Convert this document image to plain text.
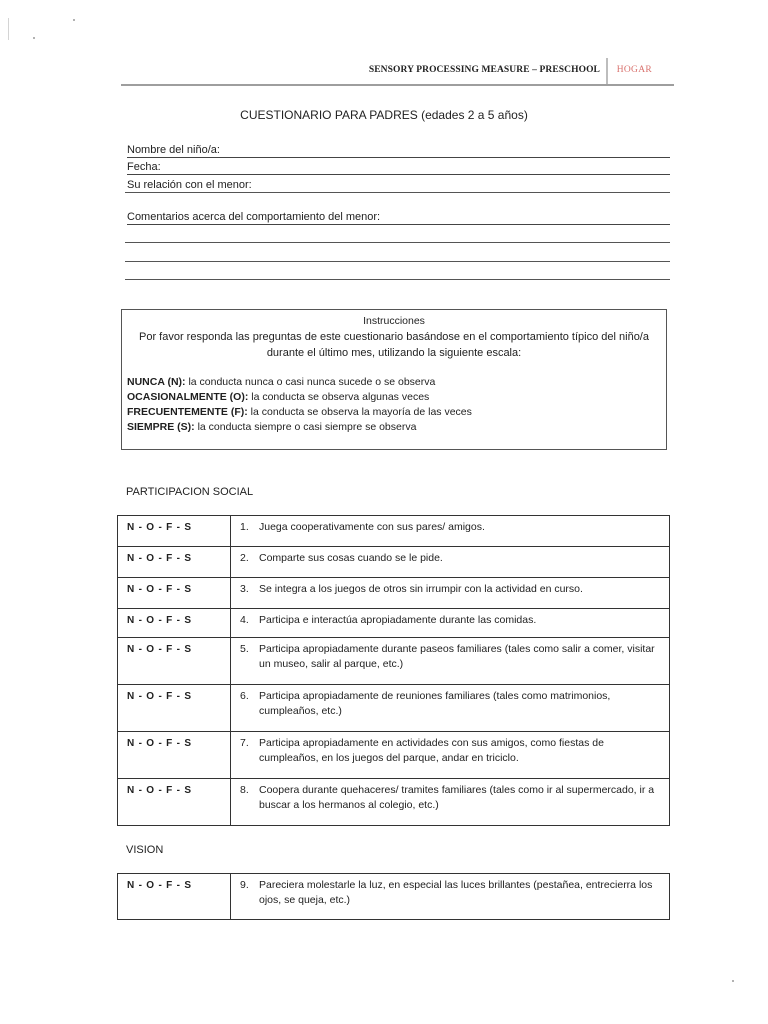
SENSORY PROCESSING MEASURE – PRESCHOOL HOGAR
CUESTIONARIO PARA PADRES (edades 2 a 5 años)
Nombre del niño/a:
Fecha:
Su relación con el menor:
Comentarios acerca del comportamiento del menor:
Instrucciones
Por favor responda las preguntas de este cuestionario basándose en el comportamiento típico del niño/a durante el último mes, utilizando la siguiente escala:
NUNCA (N): la conducta nunca o casi nunca sucede o se observa
OCASIONALMENTE (O): la conducta se observa algunas veces
FRECUENTEMENTE (F): la conducta se observa la mayoría de las veces
SIEMPRE (S): la conducta siempre o casi siempre se observa
PARTICIPACION SOCIAL
N - O - F - S	1. Juega cooperativamente con sus pares/ amigos.
N - O - F - S	2. Comparte sus cosas cuando se le pide.
N - O - F - S	3. Se integra a los juegos de otros sin irrumpir con la actividad en curso.
N - O - F - S	4. Participa e interactúa apropiadamente durante las comidas.
N - O - F - S	5. Participa apropiadamente durante paseos familiares (tales como salir a comer, visitar un museo, salir al parque, etc.)
N - O - F - S	6. Participa apropiadamente de reuniones familiares (tales como matrimonios, cumpleaños, etc.)
N - O - F - S	7. Participa apropiadamente en actividades con sus amigos, como fiestas de cumpleaños, en los juegos del parque, andar en triciclo.
N - O - F - S	8. Coopera durante quehaceres/ tramites familiares (tales como ir al supermercado, ir a buscar a los hermanos al colegio, etc.)
VISION
N - O - F - S	9. Pareciera molestarle la luz, en especial las luces brillantes (pestañea, entrecierra los ojos, se queja, etc.)
